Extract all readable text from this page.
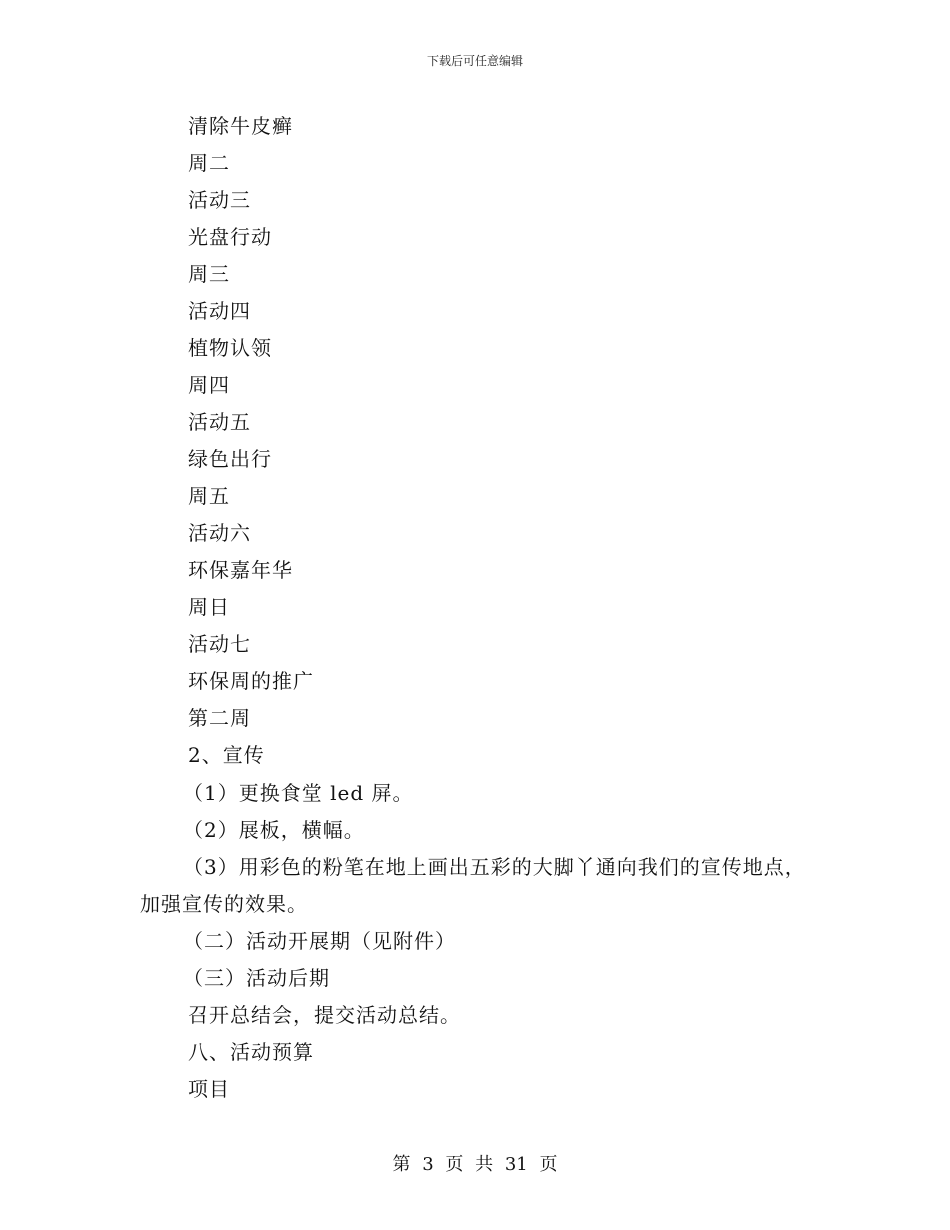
下载后可任意编辑
清除牛皮癣
周二
活动三
光盘行动
周三
活动四
植物认领
周四
活动五
绿色出行
周五
活动六
环保嘉年华
周日
活动七
环保周的推广
第二周
2、宣传
（1）更换食堂 led 屏。
（2）展板，横幅。
（3）用彩色的粉笔在地上画出五彩的大脚丫通向我们的宣传地点，
加强宣传的效果。
（二）活动开展期（见附件）
（三）活动后期
召开总结会，提交活动总结。
八、活动预算
项目
第 3 页 共 31 页
